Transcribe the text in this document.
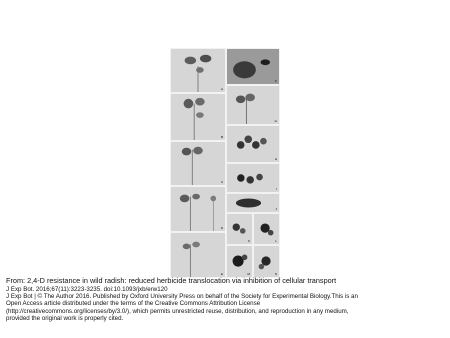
A
B
C
D
E
F
G
H
I
J
K	L
M	N

From: 2,4-D resistance in wild radish: reduced herbicide translocation via inhibition of cellular transport

J Exp Bot. 2016;67(11):3223-3235. doi:10.1093/jxb/erw120

J Exp Bot | © The Author 2016. Published by Oxford University Press on behalf of the Society for Experimental Biology.This is an

Open Access article distributed under the terms of the Creative Commons Attribution License

(http://creativecommons.org/licenses/by/3.0/), which permits unrestricted reuse, distribution, and reproduction in any medium,

provided the original work is properly cited.
